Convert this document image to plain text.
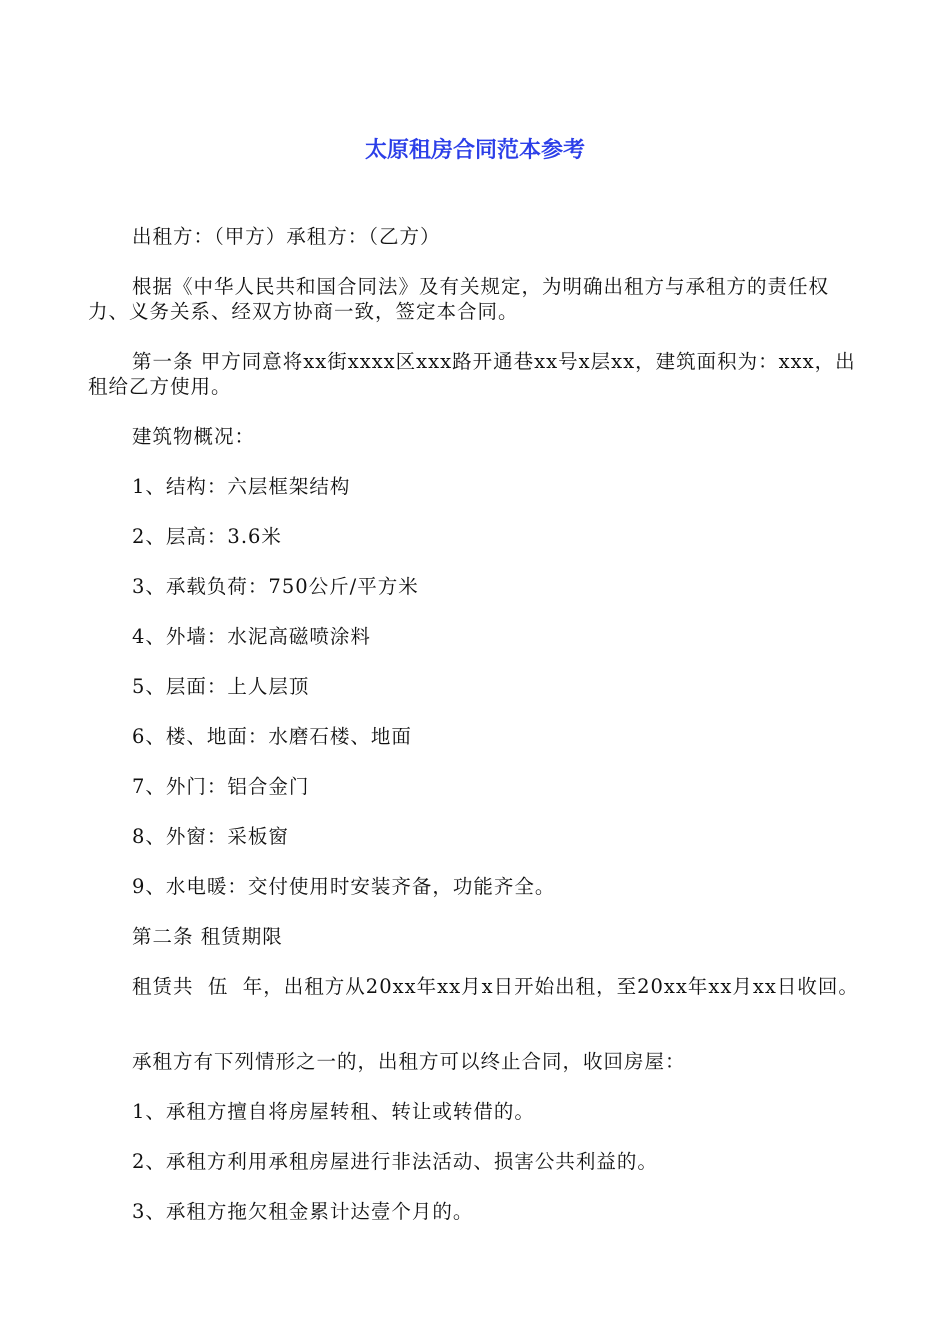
太原租房合同范本参考
出租方：（甲方）承租方：（乙方）
根据《中华人民共和国合同法》及有关规定，为明确出租方与承租方的责任权力、义务关系、经双方协商一致，签定本合同。
第一条 甲方同意将xx街xxxx区xxx路开通巷xx号x层xx，建筑面积为：xxx，出租给乙方使用。
建筑物概况：
1、结构：六层框架结构
2、层高：3.6米
3、承载负荷：750公斤/平方米
4、外墙：水泥高磁喷涂料
5、层面：上人层顶
6、楼、地面：水磨石楼、地面
7、外门：铝合金门
8、外窗：采板窗
9、水电暖：交付使用时安装齐备，功能齐全。
第二条 租赁期限
租赁共  伍  年，出租方从20xx年xx月x日开始出租，至20xx年xx月xx日收回。
承租方有下列情形之一的，出租方可以终止合同，收回房屋：
1、承租方擅自将房屋转租、转让或转借的。
2、承租方利用承租房屋进行非法活动、损害公共利益的。
3、承租方拖欠租金累计达壹个月的。
